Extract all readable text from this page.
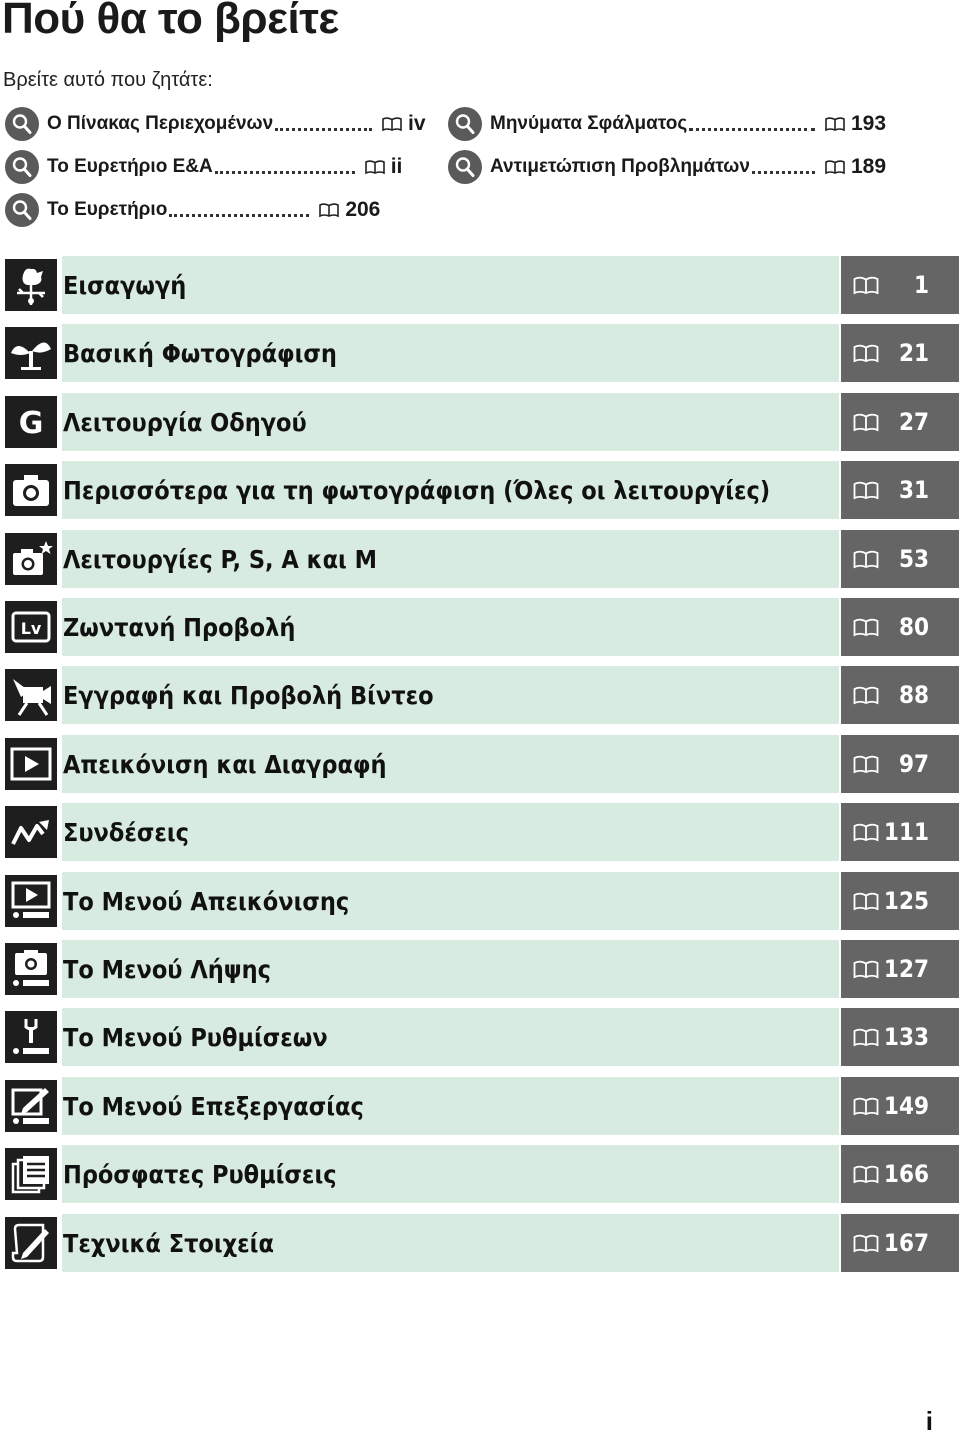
Πού θα το βρείτε
Βρείτε αυτό που ζητάτε:
Ο Πίνακας Περιεχομένων	iv	Μηνύματα Σφάλματος	193
Το Ευρετήριο Ε&Α	ii	Αντιμετώπιση Προβλημάτων	189
Το Ευρετήριο	206
Εισαγωγή	1
Βασική Φωτογράφιση	21
G Λειτουργία Οδηγού	27
Περισσότερα για τη φωτογράφιση (Όλες οι λειτουργίες)	31
Λειτουργίες P, S, A και M	53
Lv Ζωντανή Προβολή	80
Εγγραφή και Προβολή Βίντεο	88
Απεικόνιση και Διαγραφή	97
Συνδέσεις	111
Το Μενού Απεικόνισης	125
Το Μενού Λήψης	127
Το Μενού Ρυθμίσεων	133
Το Μενού Επεξεργασίας	149
Πρόσφατες Ρυθμίσεις	166
Τεχνικά Στοιχεία	167
i
